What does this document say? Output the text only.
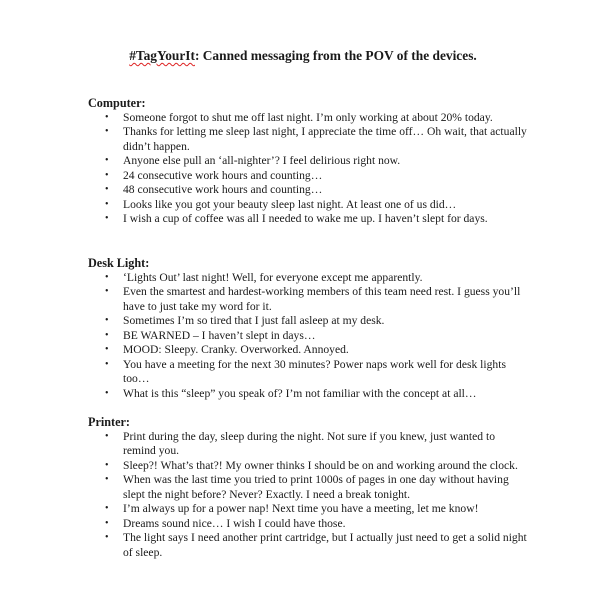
#TagYourIt: Canned messaging from the POV of the devices.
Computer:
• Someone forgot to shut me off last night. I’m only working at about 20% today.
• Thanks for letting me sleep last night, I appreciate the time off… Oh wait, that actually didn’t happen.
• Anyone else pull an ‘all-nighter’? I feel delirious right now.
• 24 consecutive work hours and counting…
• 48 consecutive work hours and counting…
• Looks like you got your beauty sleep last night. At least one of us did…
• I wish a cup of coffee was all I needed to wake me up. I haven’t slept for days.
Desk Light:
• ‘Lights Out’ last night! Well, for everyone except me apparently.
• Even the smartest and hardest-working members of this team need rest. I guess you’ll have to just take my word for it.
• Sometimes I’m so tired that I just fall asleep at my desk.
• BE WARNED – I haven’t slept in days…
• MOOD: Sleepy. Cranky. Overworked. Annoyed.
• You have a meeting for the next 30 minutes? Power naps work well for desk lights too…
• What is this “sleep” you speak of? I’m not familiar with the concept at all…
Printer:
• Print during the day, sleep during the night. Not sure if you knew, just wanted to remind you.
• Sleep?! What’s that?! My owner thinks I should be on and working around the clock.
• When was the last time you tried to print 1000s of pages in one day without having slept the night before? Never? Exactly. I need a break tonight.
• I’m always up for a power nap! Next time you have a meeting, let me know!
• Dreams sound nice… I wish I could have those.
• The light says I need another print cartridge, but I actually just need to get a solid night of sleep.
